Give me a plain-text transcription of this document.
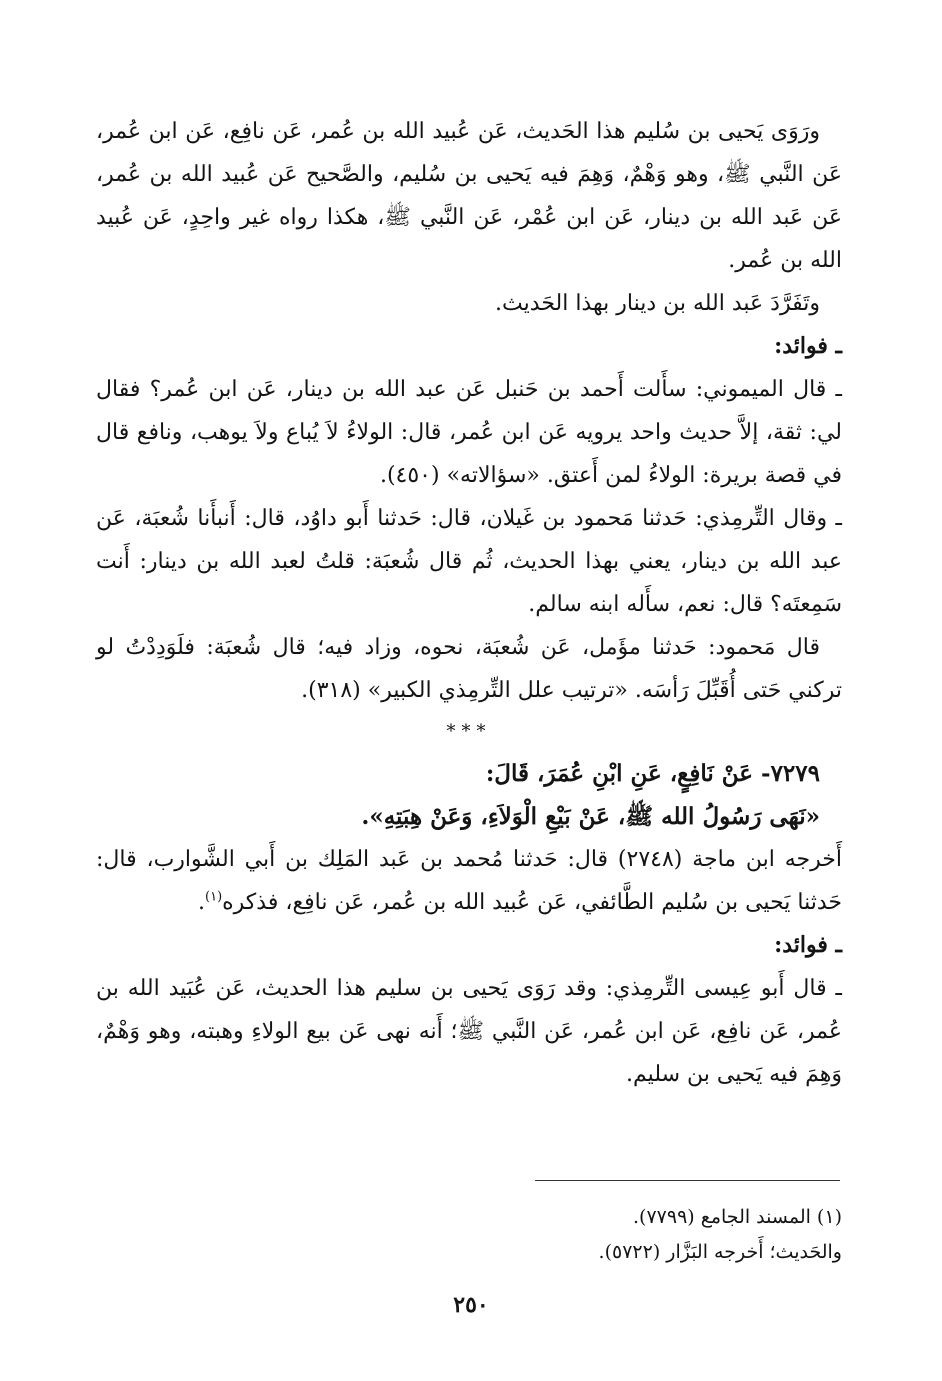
ورَوَى يَحيى بن سُليم هذا الحَديث، عَن عُبيد الله بن عُمر، عَن نافِع، عَن ابن عُمر، عَن النَّبي ﷺ، وهو وَهْمٌ، وَهِمَ فيه يَحيى بن سُليم، والصَّحيح عَن عُبيد الله بن عُمر، عَن عَبد الله بن دينار، عَن ابن عُمْر، عَن النَّبي ﷺ، هكذا رواه غير واحِدٍ، عَن عُبيد الله بن عُمر.

وتَفَرَّدَ عَبد الله بن دينار بهذا الحَديث.

ـ فوائد:

ـ قال الميموني: سأَلت أَحمد بن حَنبل عَن عبد الله بن دينار، عَن ابن عُمر؟ فقال لي: ثقة، إلاَّ حديث واحد يرويه عَن ابن عُمر، قال: الولاءُ لاَ يُباع ولاَ يوهب، ونافع قال في قصة بريرة: الولاءُ لمن أَعتق. «سؤالاته» (٤٥٠).

ـ وقال التِّرمِذي: حَدثنا مَحمود بن غَيلان، قال: حَدثنا أَبو داوُد، قال: أَنبأَنا شُعبَة، عَن عبد الله بن دينار، يعني بهذا الحديث، ثُم قال شُعبَة: قلتُ لعبد الله بن دينار: أَنت سَمِعتَه؟ قال: نعم، سأَله ابنه سالم.

قال مَحمود: حَدثنا مؤَمل، عَن شُعبَة، نحوه، وزاد فيه؛ قال شُعبَة: فلَوَدِدْتُ لو تركني حَتى أُقَبِّلَ رَأسَه. «ترتيب علل التِّرمِذي الكبير» (٣١٨).

***

٧٢٧٩- عَنْ نَافِعٍ، عَنِ ابْنِ عُمَرَ، قَالَ:

«نَهَى رَسُولُ الله ﷺ، عَنْ بَيْعِ الْوَلاَءِ، وَعَنْ هِبَتِهِ».

أَخرجه ابن ماجة (٢٧٤٨) قال: حَدثنا مُحمد بن عَبد المَلِك بن أَبي الشَّوارب، قال: حَدثنا يَحيى بن سُليم الطَّائفي، عَن عُبيد الله بن عُمر، عَن نافِع، فذكره$^{(١)}$.

ـ فوائد:

ـ قال أَبو عِيسى التِّرمِذي: وقد رَوَى يَحيى بن سليم هذا الحديث، عَن عُبَيد الله بن عُمر، عَن نافِع، عَن ابن عُمر، عَن النَّبي ﷺ؛ أَنه نهى عَن بيع الولاءِ وهبته، وهو وَهْمٌ، وَهِمَ فيه يَحيى بن سليم.

(١) المسند الجامع (٧٧٩٩).

والحَديث؛ أَخرجه البَزَّار (٥٧٢٢).

٢٥٠
